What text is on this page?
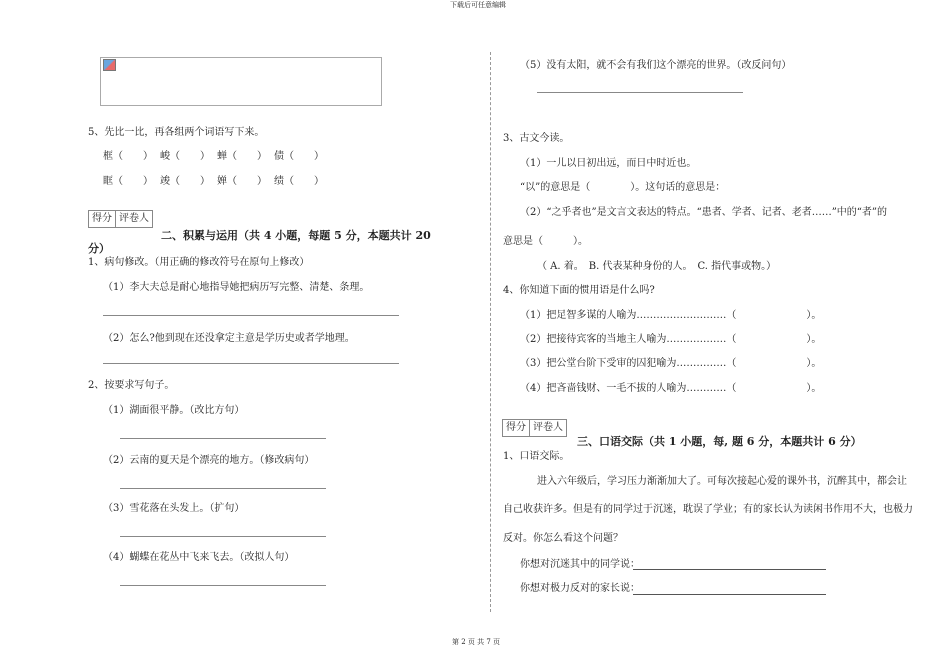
下载后可任意编辑
第 2 页 共 7 页
5、先比一比，再各组两个词语写下来。
框（　　） 峻（　　） 蝉（　　） 债（　　）
眶（　　） 竣（　　） 婵（　　） 绩（　　）
得分 评卷人
二、积累与运用（共 4 小题，每题 5 分，本题共计 20
分）
1、病句修改。（用正确的修改符号在原句上修改）
（1）李大夫总是耐心地指导她把病历写完整、清楚、条理。
（2）怎么?他到现在还没拿定主意是学历史或者学地理。
2、按要求写句子。
（1）湖面很平静。（改比方句）
（2）云南的夏天是个漂亮的地方。（修改病句）
（3）雪花落在头发上。（扩句）
（4）蝴蝶在花丛中飞来飞去。（改拟人句）
（5）没有太阳，就不会有我们这个漂亮的世界。（改反问句）
3、古文今读。
（1）一儿以日初出远，而日中时近也。
“以”的意思是（　　　　）。这句话的意思是：
（2）“之乎者也”是文言文表达的特点。“患者、学者、记者、老者……”中的“者”的
意思是（　　　）。
（ A. 着。　B. 代表某种身份的人。　C. 指代事或物。）
4、你知道下面的惯用语是什么吗?
（1）把足智多谋的人喻为………………………（　　　　　　　）。
（2）把接待宾客的当地主人喻为………………（　　　　　　　）。
（3）把公堂台阶下受审的囚犯喻为……………（　　　　　　　）。
（4）把吝啬钱财、一毛不拔的人喻为…………（　　　　　　　）。
得分 评卷人
三、口语交际（共 1 小题，每, 题 6 分，本题共计 6 分）
1、口语交际。
进入六年级后，学习压力渐渐加大了。可每次接起心爱的课外书，沉醉其中，都会让
自己收获许多。但是有的同学过于沉迷，耽误了学业；有的家长认为读闲书作用不大，也极力
反对。你怎么看这个问题？
你想对沉迷其中的同学说：
你想对极力反对的家长说：
